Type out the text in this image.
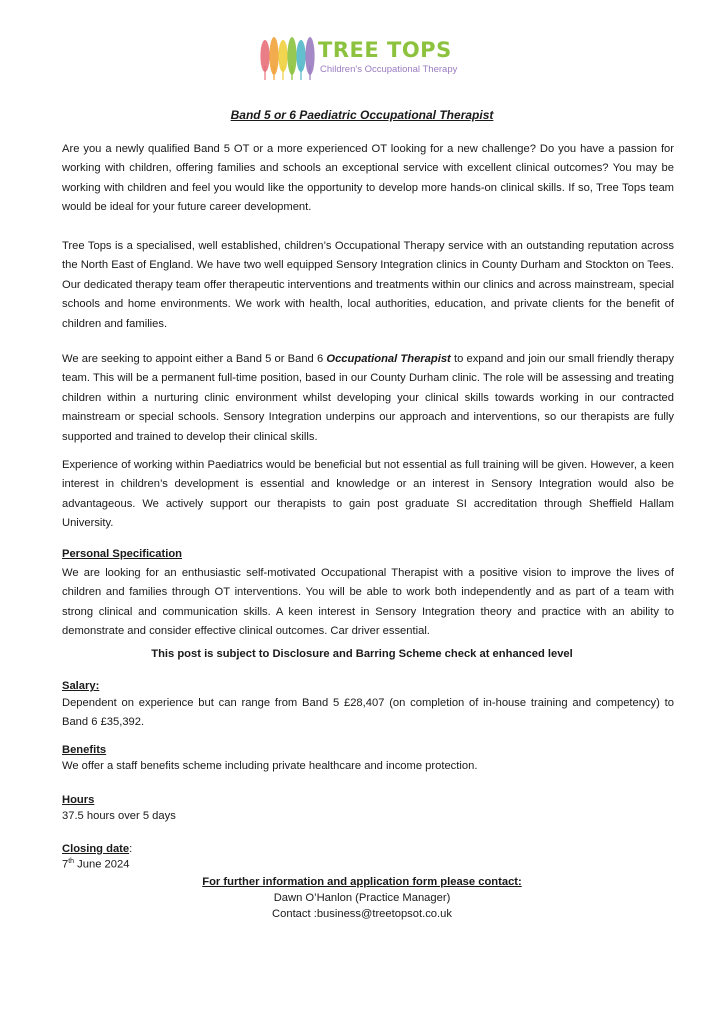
TREE TOPS
Children's Occupational Therapy
Band 5 or 6 Paediatric Occupational Therapist

Are you a newly qualified Band 5 OT or a more experienced OT looking for a new challenge? Do you have a passion for working with children, offering families and schools an exceptional service with excellent clinical outcomes? You may be working with children and feel you would like the opportunity to develop more hands-on clinical skills. If so, Tree Tops team would be ideal for your future career development.

Tree Tops is a specialised, well established, children’s Occupational Therapy service with an outstanding reputation across the North East of England. We have two well equipped Sensory Integration clinics in County Durham and Stockton on Tees. Our dedicated therapy team offer therapeutic interventions and treatments within our clinics and across mainstream, special schools and home environments. We work with health, local authorities, education, and private clients for the benefit of children and families.

We are seeking to appoint either a Band 5 or Band 6 Occupational Therapist to expand and join our small friendly therapy team. This will be a permanent full-time position, based in our County Durham clinic. The role will be assessing and treating children within a nurturing clinic environment whilst developing your clinical skills towards working in our contracted mainstream or special schools. Sensory Integration underpins our approach and interventions, so our therapists are fully supported and trained to develop their clinical skills.

Experience of working within Paediatrics would be beneficial but not essential as full training will be given. However, a keen interest in children’s development is essential and knowledge or an interest in Sensory Integration would also be advantageous. We actively support our therapists to gain post graduate SI accreditation through Sheffield Hallam University.

Personal Specification

We are looking for an enthusiastic self-motivated Occupational Therapist with a positive vision to improve the lives of children and families through OT interventions. You will be able to work both independently and as part of a team with strong clinical and communication skills. A keen interest in Sensory Integration theory and practice with an ability to demonstrate and consider effective clinical outcomes. Car driver essential.

This post is subject to Disclosure and Barring Scheme check at enhanced level

Salary:

Dependent on experience but can range from Band 5 £28,407 (on completion of in-house training and competency) to Band 6 £35,392.

Benefits

We offer a staff benefits scheme including private healthcare and income protection.

Hours

37.5 hours over 5 days

Closing date:

7th June 2024

For further information and application form please contact:

Dawn O’Hanlon (Practice Manager)

Contact :business@treetopsot.co.uk
